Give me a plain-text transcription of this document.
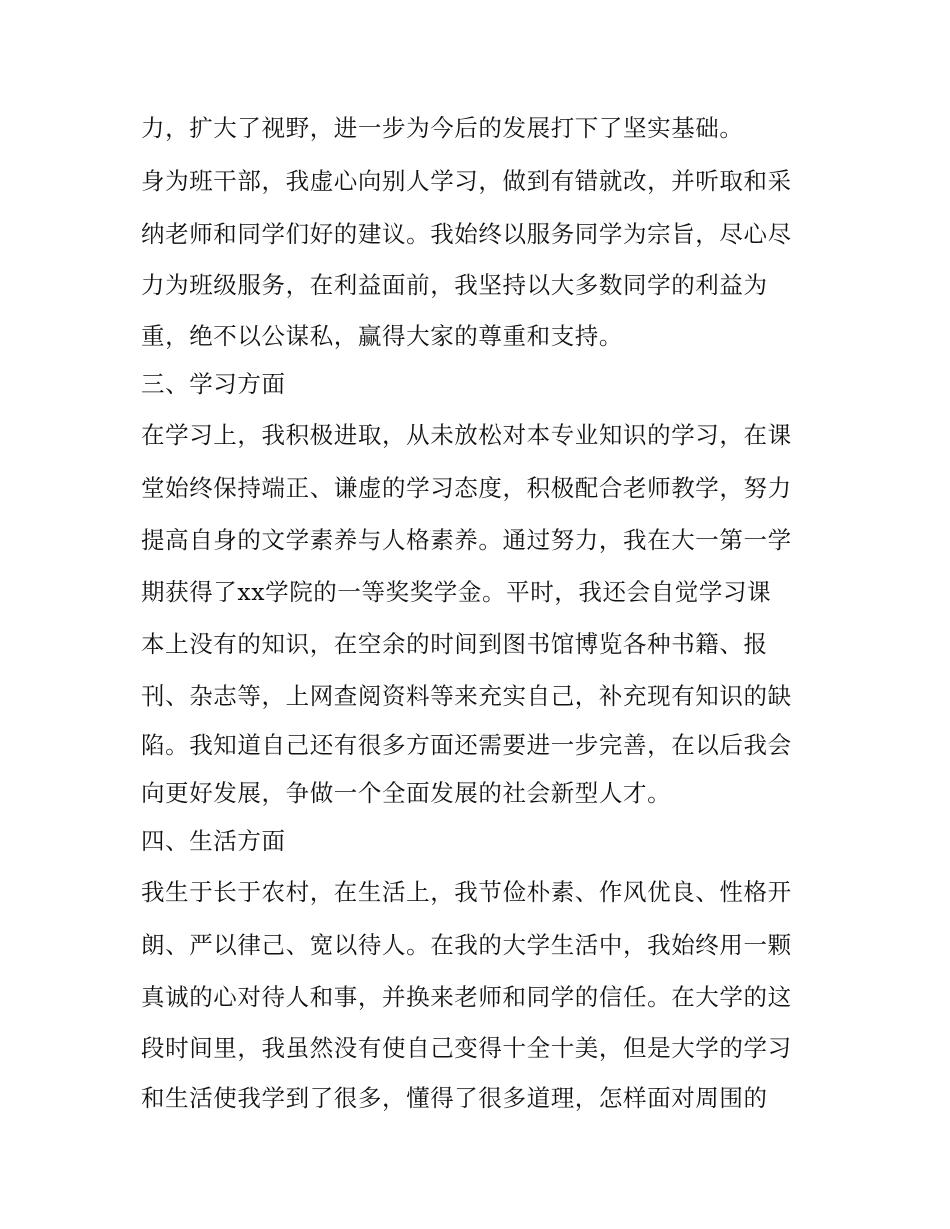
力，扩大了视野，进一步为今后的发展打下了坚实基础。
身为班干部，我虚心向别人学习，做到有错就改，并听取和采
纳老师和同学们好的建议。我始终以服务同学为宗旨，尽心尽
力为班级服务，在利益面前，我坚持以大多数同学的利益为
重，绝不以公谋私，赢得大家的尊重和支持。
三、学习方面
在学习上，我积极进取，从未放松对本专业知识的学习，在课
堂始终保持端正、谦虚的学习态度，积极配合老师教学，努力
提高自身的文学素养与人格素养。通过努力，我在大一第一学
期获得了xx学院的一等奖奖学金。平时，我还会自觉学习课
本上没有的知识，在空余的时间到图书馆博览各种书籍、报
刊、杂志等，上网查阅资料等来充实自己，补充现有知识的缺
陷。我知道自己还有很多方面还需要进一步完善，在以后我会
向更好发展，争做一个全面发展的社会新型人才。
四、生活方面
我生于长于农村，在生活上，我节俭朴素、作风优良、性格开
朗、严以律己、宽以待人。在我的大学生活中，我始终用一颗
真诚的心对待人和事，并换来老师和同学的信任。在大学的这
段时间里，我虽然没有使自己变得十全十美，但是大学的学习
和生活使我学到了很多，懂得了很多道理，怎样面对周围的
